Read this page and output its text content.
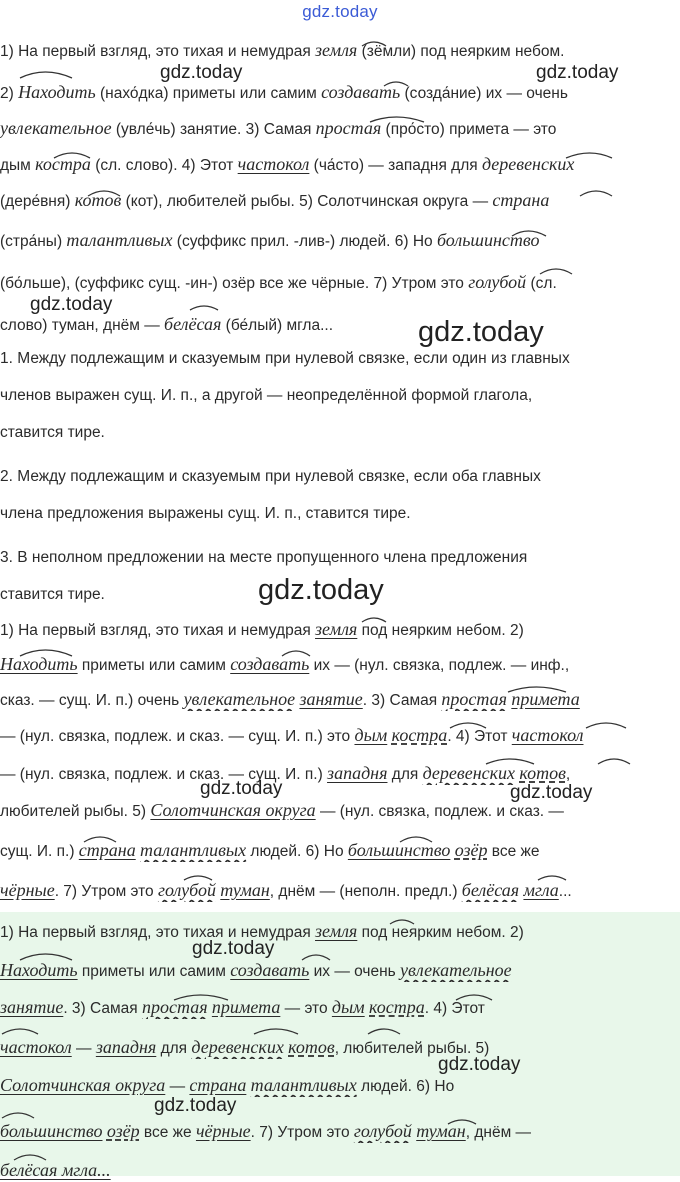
gdz.today
1) На первый взгляд, это тихая и немудрая земля (зёмли) под неярким небом.
2) Находить (нахо́дка) приметы или самим создавать (созда́ние) их — очень
увлекательное (увле́чь) занятие. 3) Самая простая (про́сто) примета — это
дым костра (сл. слово). 4) Этот частокол (ча́сто) — западня для деревенских
(дере́вня) котов (кот), любителей рыбы. 5) Солотчинская округа — страна
(стра́ны) талантливых (суффикс прил. -лив-) людей. 6) Но большинство
(бо́льше), (суффикс сущ. -ин-) озёр все же чёрные. 7) Утром это голубой (сл.
слово) туман, днём — белёсая (бе́лый) мгла...
1. Между подлежащим и сказуемым при нулевой связке, если один из главных
членов выражен сущ. И. п., а другой — неопределённой формой глагола,
ставится тире.
2. Между подлежащим и сказуемым при нулевой связке, если оба главных
члена предложения выражены сущ. И. п., ставится тире.
3. В неполном предложении на месте пропущенного члена предложения
ставится тире.
1) На первый взгляд, это тихая и немудрая земля под неярким небом. 2)
Находить приметы или самим создавать их — (нул. связка, подлеж. — инф.,
сказ. — сущ. И. п.) очень увлекательное занятие. 3) Самая простая примета
— (нул. связка, подлеж. и сказ. — сущ. И. п.) это дым костра. 4) Этот частокол
— (нул. связка, подлеж. и сказ. — сущ. И. п.) западня для деревенских котов,
любителей рыбы. 5) Солотчинская округа — (нул. связка, подлеж. и сказ. —
сущ. И. п.) страна талантливых людей. 6) Но большинство озёр все же
чёрные. 7) Утром это голубой туман, днём — (неполн. предл.) белёсая мгла...
1) На первый взгляд, это тихая и немудрая земля под неярким небом. 2)
Находить приметы или самим создавать их — очень увлекательное
занятие. 3) Самая простая примета — это дым костра. 4) Этот
частокол — западня для деревенских котов, любителей рыбы. 5)
Солотчинская округа — страна талантливых людей. 6) Но
большинство озёр все же чёрные. 7) Утром это голубой туман, днём —
белёсая мгла...
gdz.today	gdz.today
gdz.today
gdz.today
gdz.today
gdz.today	gdz.today
gdz.today
gdz.today
gdz.today
